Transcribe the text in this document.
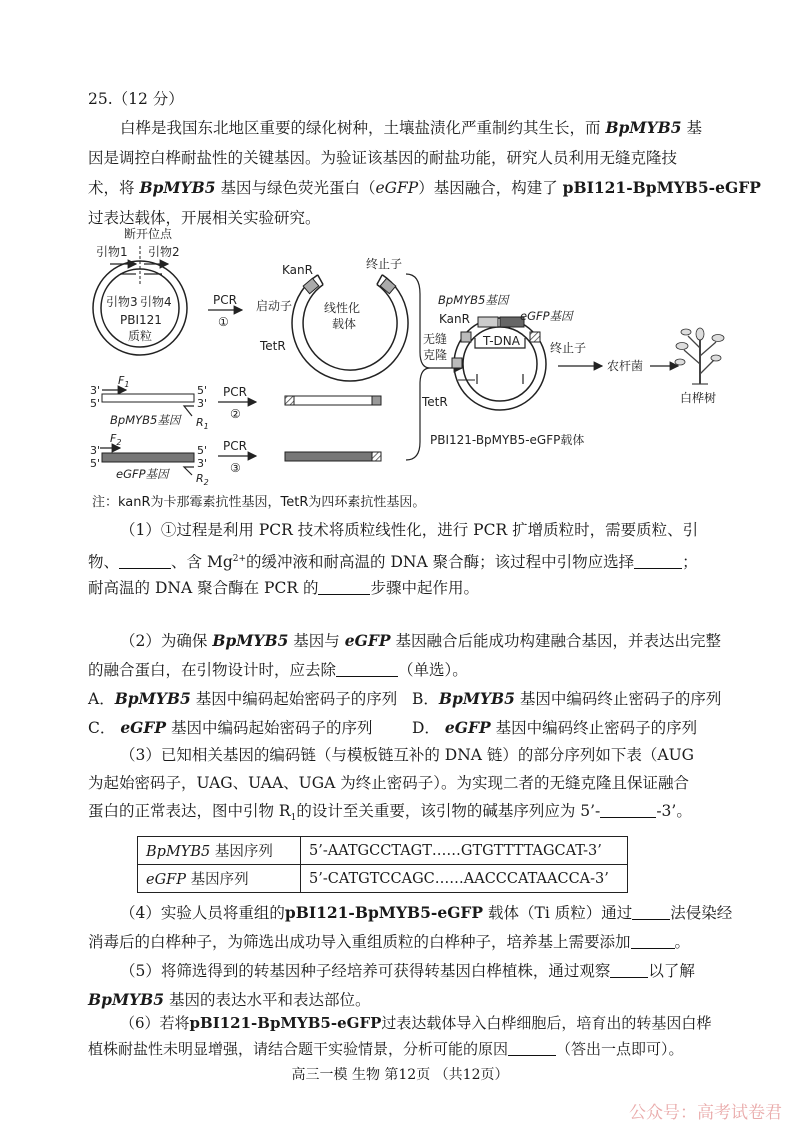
25.（12 分）
白桦是我国东北地区重要的绿化树种，土壤盐渍化严重制约其生长，而 BpMYB5 基
因是调控白桦耐盐性的关键基因。为验证该基因的耐盐功能，研究人员利用无缝克隆技
术，将 BpMYB5 基因与绿色荧光蛋白（eGFP）基因融合，构建了 pBI121-BpMYB5-eGFP
过表达载体，开展相关实验研究。
断开位点
引物1 引物2
引物3 引物4
PBI121
质粒
PCR
①
KanR	终止子
启动子	线性化
载体
TetR	无缝
克隆
BpMYB5基因
eGFP基因
KanR
T-DNA	终止子
TetR
农杆菌
白桦树
PBI121-BpMYB5-eGFP载体
3'
5'
5'
3'
$F_1$
$R_1$
BpMYB5基因
PCR
②
3'
5'
5'
3'
$F_2$
eGFP基因 $R_2$
PCR
③
注：kanR为卡那霉素抗性基因，TetR为四环素抗性基因。
（1）①过程是利用 PCR 技术将质粒线性化，进行 PCR 扩增质粒时，需要质粒、引
物、	、含 $Mg^{2+}$的缓冲液和耐高温的 DNA 聚合酶；该过程中引物应选择	；
耐高温的 DNA 聚合酶在 PCR 的	步骤中起作用。
（2）为确保 BpMYB5 基因与 eGFP 基因融合后能成功构建融合基因，并表达出完整
的融合蛋白，在引物设计时，应去除	（单选）。
A．BpMYB5 基因中编码起始密码子的序列 B．BpMYB5 基因中编码终止密码子的序列
C． eGFP 基因中编码起始密码子的序列	D． eGFP 基因中编码终止密码子的序列
（3）已知相关基因的编码链（与模板链互补的 DNA 链）的部分序列如下表（AUG
为起始密码子，UAG、UAA、UGA 为终止密码子）。为实现二者的无缝克隆且保证融合
蛋白的正常表达，图中引物 $R_1$的设计至关重要，该引物的碱基序列应为 5’-	-3’。
BpMYB5 基因序列	5’-AATGCCTAGT……GTGTTTTAGCAT-3’
eGFP 基因序列	5’-CATGTCCAGC……AACCCATAACCA-3’
（4）实验人员将重组的pBI121-BpMYB5-eGFP 载体（Ti 质粒）通过 法侵染经
消毒后的白桦种子，为筛选出成功导入重组质粒的白桦种子，培养基上需要添加	。
（5）将筛选得到的转基因种子经培养可获得转基因白桦植株，通过观察 以了解
BpMYB5 基因的表达水平和表达部位。
（6）若将pBI121-BpMYB5-eGFP过表达载体导入白桦细胞后，培育出的转基因白桦
高三一模 生物 第12页 （共12页）
公众号：高考试卷君
植株耐盐性未明显增强，请结合题干实验情景，分析可能的原因	（答出一点即可）。
